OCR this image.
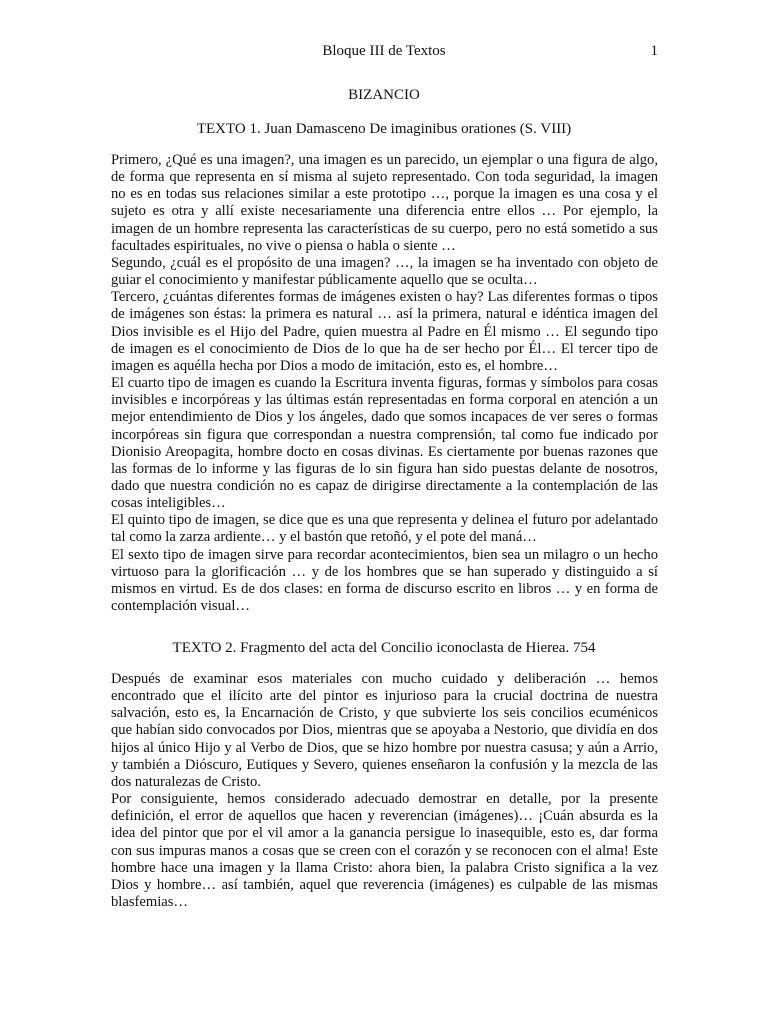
Bloque III de Textos	1
BIZANCIO
TEXTO 1. Juan Damasceno De imaginibus orationes (S. VIII)

Primero, ¿Qué es una imagen?, una imagen es un parecido, un ejemplar o una figura de algo, de forma que representa en sí misma al sujeto representado. Con toda seguridad, la imagen no es en todas sus relaciones similar a este prototipo …, porque la imagen es una cosa y el sujeto es otra y allí existe necesariamente una diferencia entre ellos … Por ejemplo, la imagen de un hombre representa las características de su cuerpo, pero no está sometido a sus facultades espirituales, no vive o piensa o habla o siente …

Segundo, ¿cuál es el propósito de una imagen? …, la imagen se ha inventado con objeto de guiar el conocimiento y manifestar públicamente aquello que se oculta…

Tercero, ¿cuántas diferentes formas de imágenes existen o hay? Las diferentes formas o tipos de imágenes son éstas: la primera es natural … así la primera, natural e idéntica imagen del Dios invisible es el Hijo del Padre, quien muestra al Padre en Él mismo … El segundo tipo de imagen es el conocimiento de Dios de lo que ha de ser hecho por Él… El tercer tipo de imagen es aquélla hecha por Dios a modo de imitación, esto es, el hombre…

El cuarto tipo de imagen es cuando la Escritura inventa figuras, formas y símbolos para cosas invisibles e incorpóreas y las últimas están representadas en forma corporal en atención a un mejor entendimiento de Dios y los ángeles, dado que somos incapaces de ver seres o formas incorpóreas sin figura que correspondan a nuestra comprensión, tal como fue indicado por Dionisio Areopagita, hombre docto en cosas divinas. Es ciertamente por buenas razones que las formas de lo informe y las figuras de lo sin figura han sido puestas delante de nosotros, dado que nuestra condición no es capaz de dirigirse directamente a la contemplación de las cosas inteligibles…

El quinto tipo de imagen, se dice que es una que representa y delinea el futuro por adelantado tal como la zarza ardiente… y el bastón que retoñó, y el pote del maná…

El sexto tipo de imagen sirve para recordar acontecimientos, bien sea un milagro o un hecho virtuoso para la glorificación … y de los hombres que se han superado y distinguido a sí mismos en virtud. Es de dos clases: en forma de discurso escrito en libros … y en forma de contemplación visual…

TEXTO 2. Fragmento del acta del Concilio iconoclasta de Hierea. 754

Después de examinar esos materiales con mucho cuidado y deliberación … hemos encontrado que el ilícito arte del pintor es injurioso para la crucial doctrina de nuestra salvación, esto es, la Encarnación de Cristo, y que subvierte los seis concilios ecuménicos que habían sido convocados por Dios, mientras que se apoyaba a Nestorio, que dividía en dos hijos al único Hijo y al Verbo de Dios, que se hizo hombre por nuestra casusa; y aún a Arrio, y también a Dióscuro, Eutiques y Severo, quienes enseñaron la confusión y la mezcla de las dos naturalezas de Cristo.

Por consiguiente, hemos considerado adecuado demostrar en detalle, por la presente definición, el error de aquellos que hacen y reverencian (imágenes)… ¡Cuán absurda es la idea del pintor que por el vil amor a la ganancia persigue lo inasequible, esto es, dar forma con sus impuras manos a cosas que se creen con el corazón y se reconocen con el alma! Este hombre hace una imagen y la llama Cristo: ahora bien, la palabra Cristo significa a la vez Dios y hombre… así también, aquel que reverencia (imágenes) es culpable de las mismas blasfemias…
